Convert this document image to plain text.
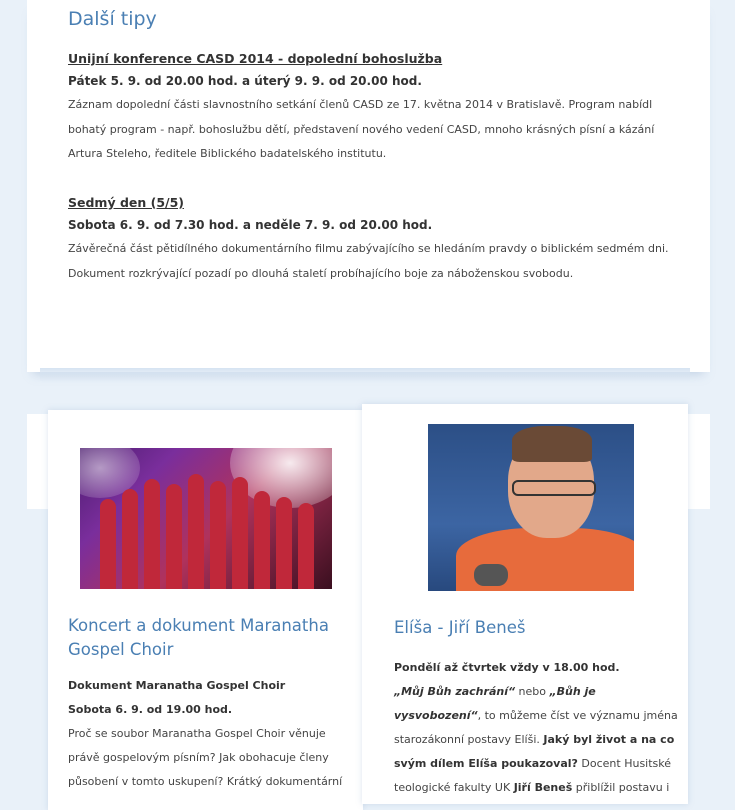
Další tipy
Unijní konference CASD 2014 - dopolední bohoslužba
Pátek 5. 9. od 20.00 hod. a úterý 9. 9. od 20.00 hod.
Záznam dopolední části slavnostního setkání členů CASD ze 17. května 2014 v Bratislavě. Program nabídl
bohatý program - např. bohoslužbu dětí, představení nového vedení CASD, mnoho krásných písní a kázání
Artura Steleho, ředitele Biblického badatelského institutu.
Sedmý den (5/5)
Sobota 6. 9. od 7.30 hod. a neděle 7. 9. od 20.00 hod.
Závěrečná část pětidílného dokumentárního filmu zabývajícího se hledáním pravdy o biblickém sedmém dni.
Dokument rozkrývající pozadí po dlouhá staletí probíhajícího boje za náboženskou svobodu.
Koncert a dokument Maranatha
Gospel Choir
Dokument Maranatha Gospel Choir
Sobota 6. 9. od 19.00 hod.
Proč se soubor Maranatha Gospel Choir věnuje
právě gospelovým písním? Jak obohacuje členy
působení v tomto uskupení? Krátký dokumentární
Elíša - Jiří Beneš
Pondělí až čtvrtek vždy v 18.00 hod.
„Můj Bůh zachrání“ nebo „Bůh je
vysvobození“, to můžeme číst ve významu jména
starozákonní postavy Elíši. Jaký byl život a na co
svým dílem Elíša poukazoval? Docent Husitské
teologické fakulty UK Jiří Beneš přiblížil postavu i
